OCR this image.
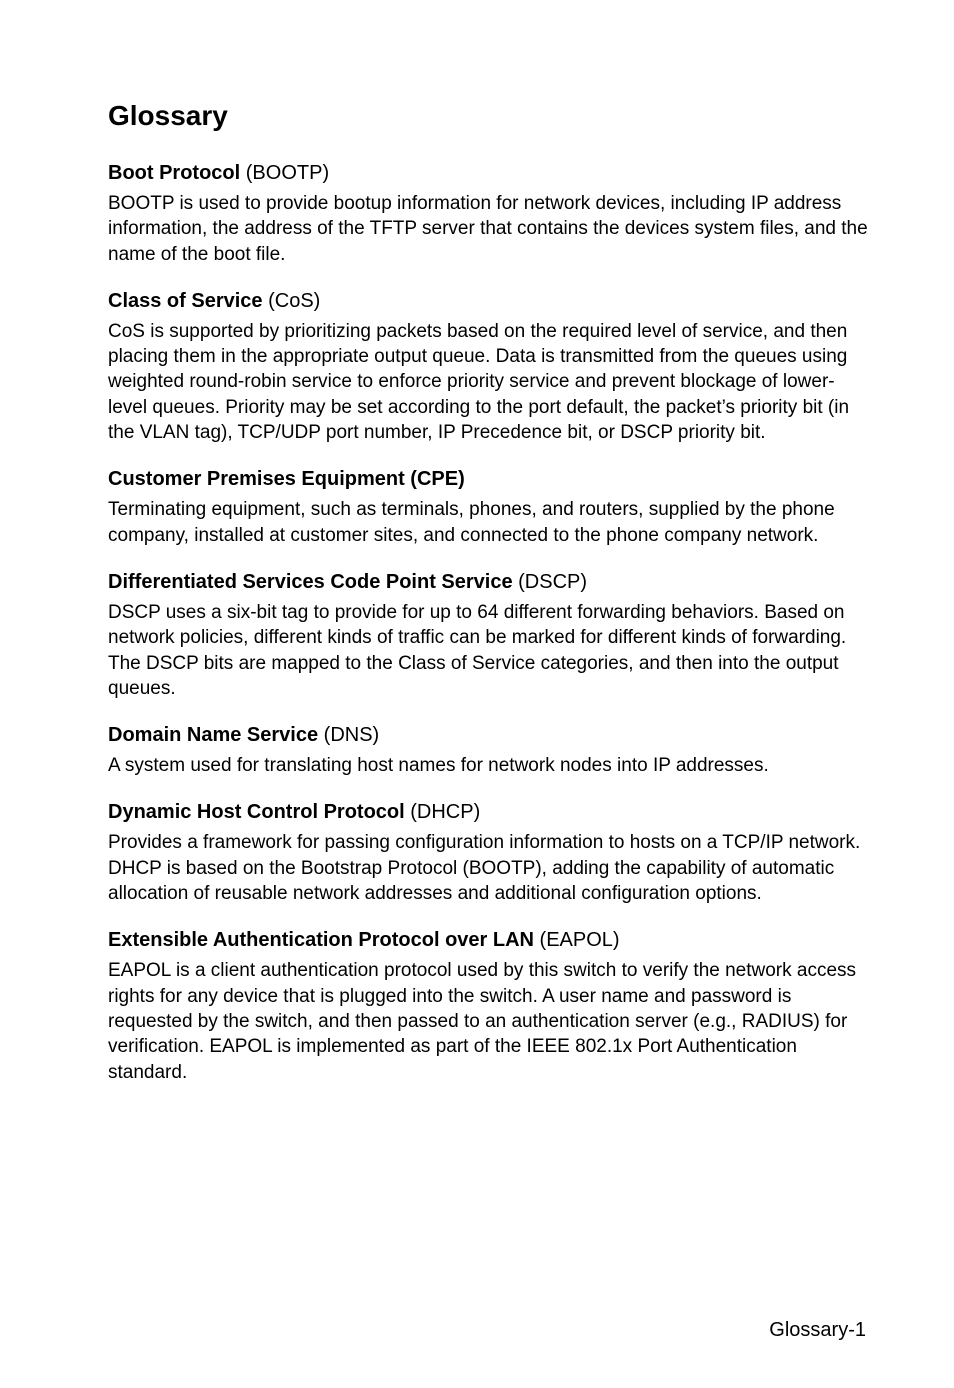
Glossary
Boot Protocol (BOOTP)

BOOTP is used to provide bootup information for network devices, including IP address information, the address of the TFTP server that contains the devices system files, and the name of the boot file.

Class of Service (CoS)

CoS is supported by prioritizing packets based on the required level of service, and then placing them in the appropriate output queue. Data is transmitted from the queues using weighted round-robin service to enforce priority service and prevent blockage of lower-level queues. Priority may be set according to the port default, the packet’s priority bit (in the VLAN tag), TCP/UDP port number, IP Precedence bit, or DSCP priority bit.

Customer Premises Equipment (CPE)

Terminating equipment, such as terminals, phones, and routers, supplied by the phone company, installed at customer sites, and connected to the phone company network.

Differentiated Services Code Point Service (DSCP)

DSCP uses a six-bit tag to provide for up to 64 different forwarding behaviors. Based on network policies, different kinds of traffic can be marked for different kinds of forwarding. The DSCP bits are mapped to the Class of Service categories, and then into the output queues.

Domain Name Service (DNS)

A system used for translating host names for network nodes into IP addresses.

Dynamic Host Control Protocol (DHCP)

Provides a framework for passing configuration information to hosts on a TCP/IP network. DHCP is based on the Bootstrap Protocol (BOOTP), adding the capability of automatic allocation of reusable network addresses and additional configuration options.

Extensible Authentication Protocol over LAN (EAPOL)

EAPOL is a client authentication protocol used by this switch to verify the network access rights for any device that is plugged into the switch. A user name and password is requested by the switch, and then passed to an authentication server (e.g., RADIUS) for verification. EAPOL is implemented as part of the IEEE 802.1x Port Authentication standard.

Glossary-1
